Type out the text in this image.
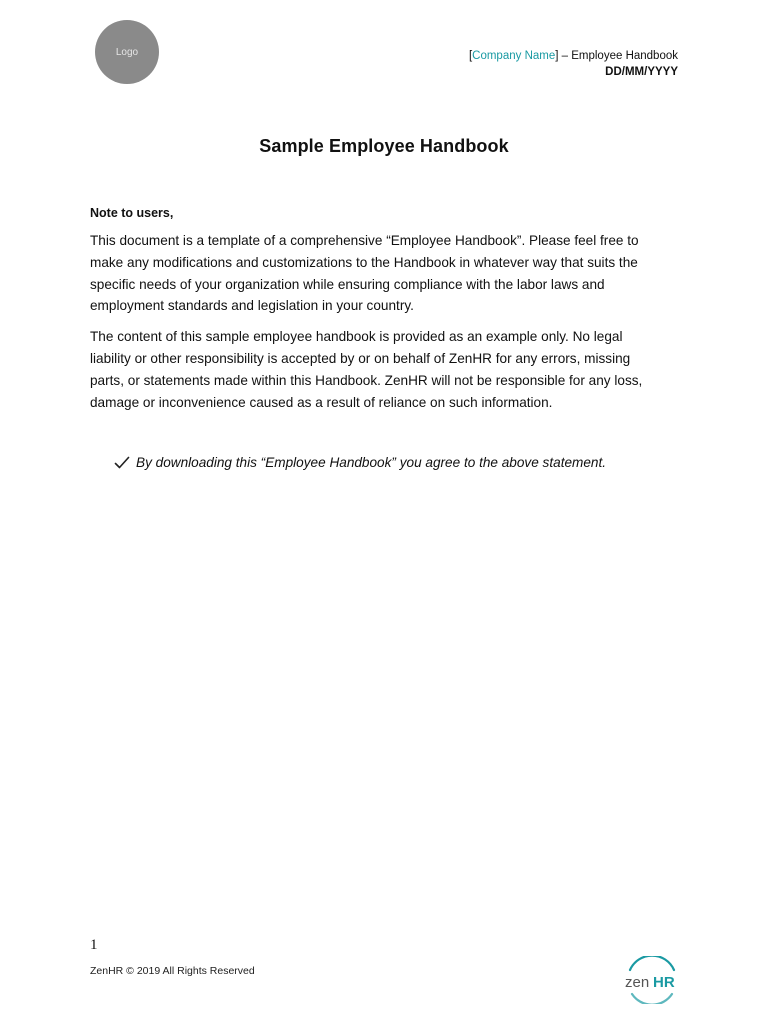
Logo	[Company Name] – Employee Handbook
DD/MM/YYYY
Sample Employee Handbook
Note to users,

This document is a template of a comprehensive “Employee Handbook”. Please feel free to make any modifications and customizations to the Handbook in whatever way that suits the specific needs of your organization while ensuring compliance with the labor laws and employment standards and legislation in your country.

The content of this sample employee handbook is provided as an example only. No legal liability or other responsibility is accepted by or on behalf of ZenHR for any errors, missing parts, or statements made within this Handbook. ZenHR will not be responsible for any loss, damage or inconvenience caused as a result of reliance on such information.

By downloading this “Employee Handbook” you agree to the above statement.
1
ZenHR © 2019 All Rights Reserved
zen HR
